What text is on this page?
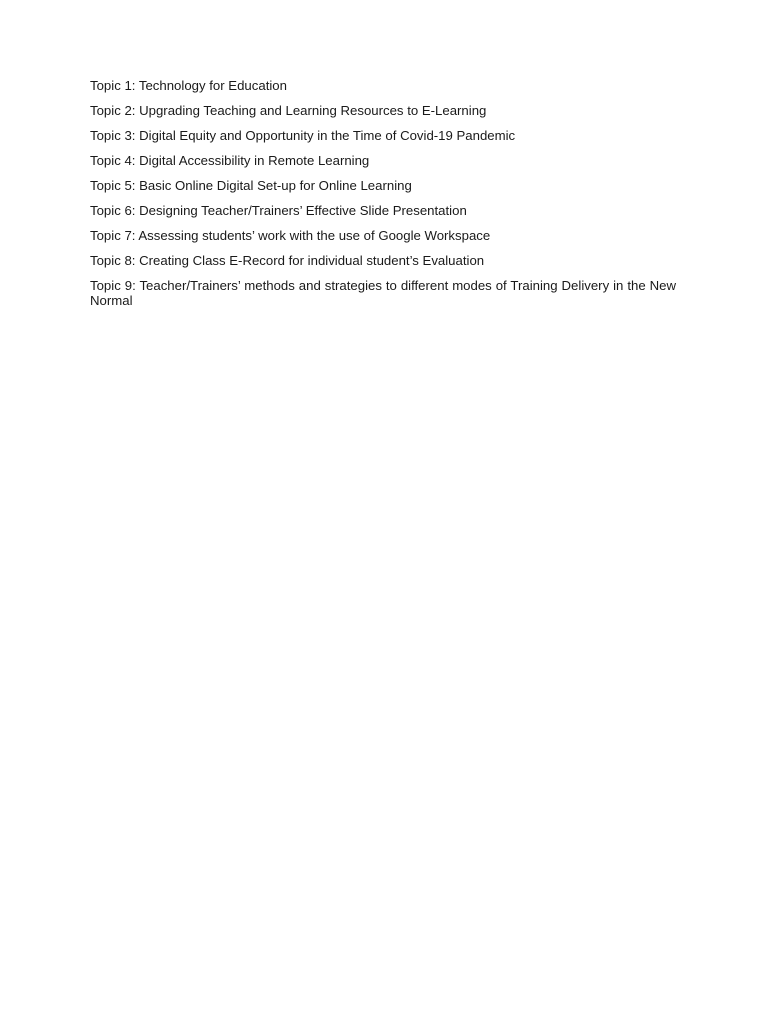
Topic 1: Technology for Education
Topic 2: Upgrading Teaching and Learning Resources to E-Learning
Topic 3: Digital Equity and Opportunity in the Time of Covid-19 Pandemic
Topic 4: Digital Accessibility in Remote Learning
Topic 5: Basic Online Digital Set-up for Online Learning
Topic 6: Designing Teacher/Trainers’ Effective Slide Presentation
Topic 7: Assessing students’ work with the use of Google Workspace
Topic 8: Creating Class E-Record for individual student’s Evaluation
Topic 9: Teacher/Trainers’ methods and strategies to different modes of Training Delivery in the New Normal
